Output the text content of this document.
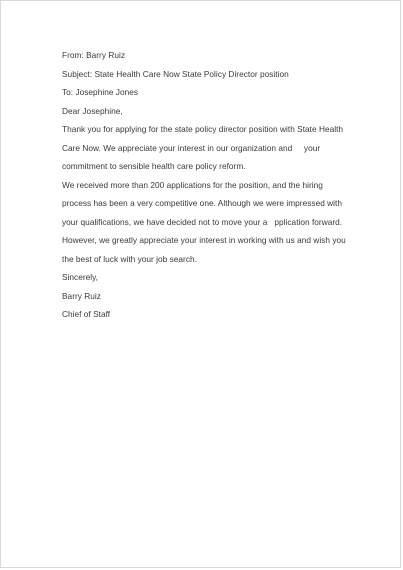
From: Barry Ruiz
Subject: State Health Care Now State Policy Director position
To: Josephine Jones
Dear Josephine,
Thank you for applying for the state policy director position with State Health
Care Now. We appreciate your interest in our organization and     your
commitment to sensible health care policy reform.
We received more than 200 applications for the position, and the hiring
process has been a very competitive one. Although we were impressed with
your qualifications, we have decided not to move your a   pplication forward.
However, we greatly appreciate your interest in working with us and wish you
the best of luck with your job search.
Sincerely,
Barry Ruiz
Chief of Staff
